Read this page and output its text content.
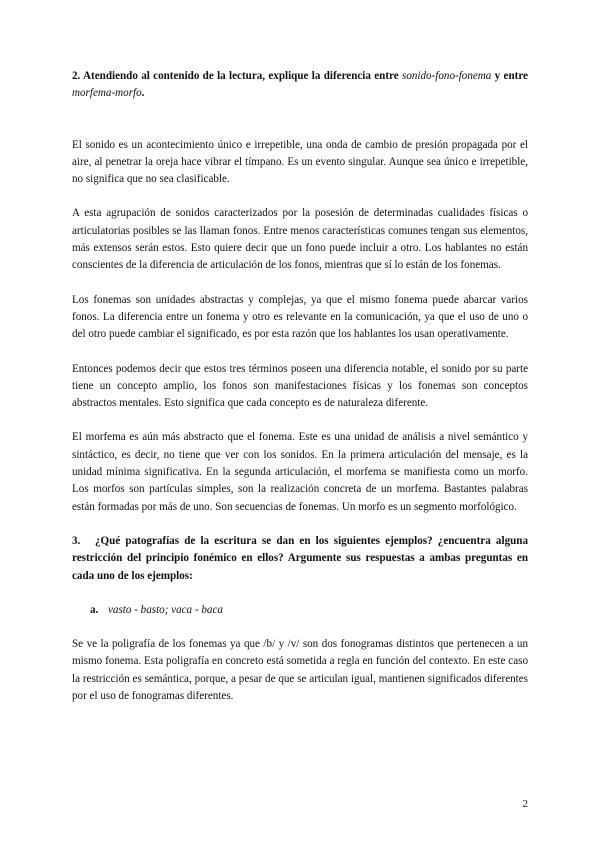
2. Atendiendo al contenido de la lectura, explique la diferencia entre sonido-fono-fonema y entre morfema-morfo.

El sonido es un acontecimiento único e irrepetible, una onda de cambio de presión propagada por el aire, al penetrar la oreja hace vibrar el tímpano. Es un evento singular. Aunque sea único e irrepetible, no significa que no sea clasificable.

A esta agrupación de sonidos caracterizados por la posesión de determinadas cualidades físicas o articulatorias posibles se las llaman fonos. Entre menos características comunes tengan sus elementos, más extensos serán estos. Esto quiere decir que un fono puede incluir a otro. Los hablantes no están conscientes de la diferencia de articulación de los fonos, mientras que sí lo están de los fonemas.

Los fonemas son unidades abstractas y complejas, ya que el mismo fonema puede abarcar varios fonos. La diferencia entre un fonema y otro es relevante en la comunicación, ya que el uso de uno o del otro puede cambiar el significado, es por esta razón que los hablantes los usan operativamente.

Entonces podemos decir que estos tres términos poseen una diferencia notable, el sonido por su parte tiene un concepto amplio, los fonos son manifestaciones físicas y los fonemas son conceptos abstractos mentales. Esto significa que cada concepto es de naturaleza diferente.

El morfema es aún más abstracto que el fonema. Este es una unidad de análisis a nivel semántico y sintáctico, es decir, no tiene que ver con los sonidos. En la primera articulación del mensaje, es la unidad mínima significativa. En la segunda articulación, el morfema se manifiesta como un morfo. Los morfos son partículas simples, son la realización concreta de un morfema. Bastantes palabras están formadas por más de uno. Son secuencias de fonemas. Un morfo es un segmento morfológico.

3. ¿Qué patografías de la escritura se dan en los siguientes ejemplos? ¿encuentra alguna restricción del principio fonémico en ellos? Argumente sus respuestas a ambas preguntas en cada uno de los ejemplos:

a. vasto - basto; vaca - baca

Se ve la poligrafía de los fonemas ya que /b/ y /v/ son dos fonogramas distintos que pertenecen a un mismo fonema. Esta poligrafía en concreto está sometida a regla en función del contexto. En este caso la restricción es semántica, porque, a pesar de que se articulan igual, mantienen significados diferentes por el uso de fonogramas diferentes.

2
